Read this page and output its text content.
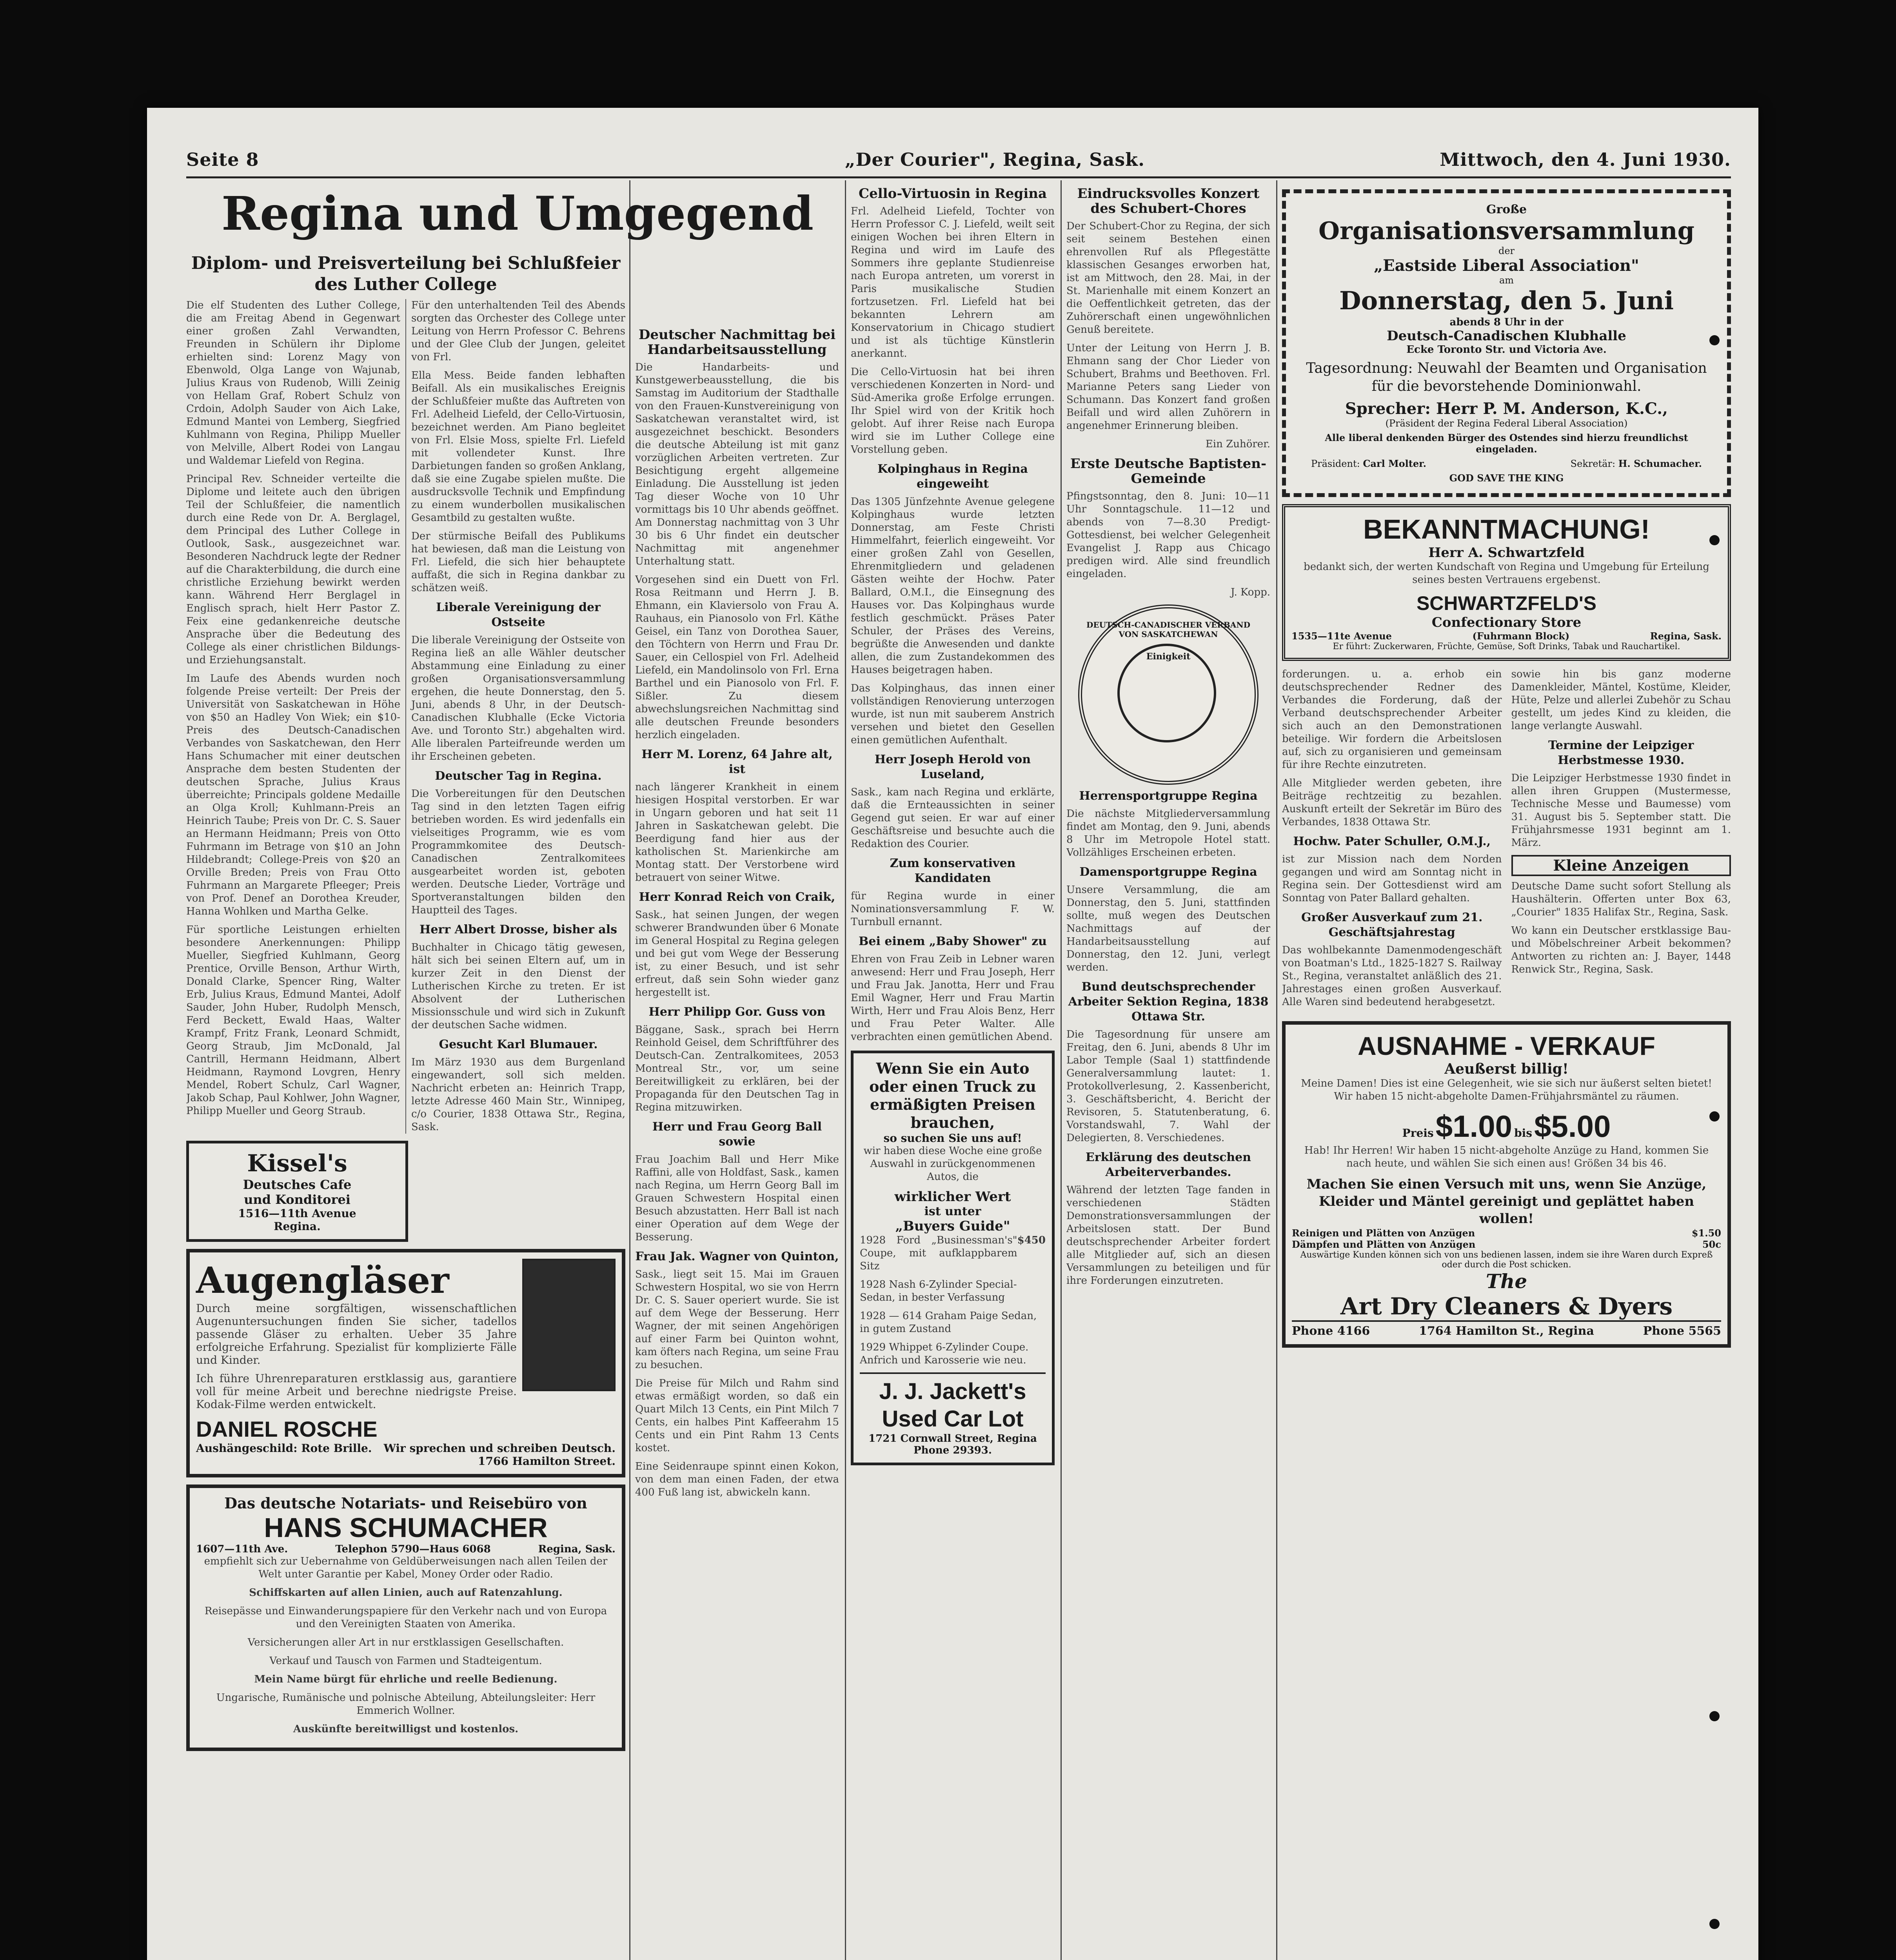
Seite 8	„Der Courier", Regina, Sask.	Mittwoch, den 4. Juni 1930.
Regina und Umgegend
Diplom- und Preisverteilung bei Schlußfeier des Luther College

Die elf Studenten des Luther College, die am Freitag Abend in Gegenwart einer großen Zahl Verwandten, Freunden in Schülern ihr Diplome erhielten sind: Lorenz Magy von Ebenwold, Olga Lange von Wajunab, Julius Kraus von Rudenob, Willi Zeinig von Hellam Graf, Robert Schulz von Crdoin, Adolph Sauder von Aich Lake, Edmund Mantei von Lemberg, Siegfried Kuhlmann von Regina, Philipp Mueller von Melville, Albert Rodei von Langau und Waldemar Liefeld von Regina.

Principal Rev. Schneider verteilte die Diplome und leitete auch den übrigen Teil der Schlußfeier, die namentlich durch eine Rede von Dr. A. Berglagel, dem Principal des Luther College in Outlook, Sask., ausgezeichnet war. Besonderen Nachdruck legte der Redner auf die Charakterbildung, die durch eine christliche Erziehung bewirkt werden kann. Während Herr Berglagel in Englisch sprach, hielt Herr Pastor Z. Feix eine gedankenreiche deutsche Ansprache über die Bedeutung des College als einer christlichen Bildungs- und Erziehungsanstalt.

Im Laufe des Abends wurden noch folgende Preise verteilt: Der Preis der Universität von Saskatchewan in Höhe von $50 an Hadley Von Wiek; ein $10-Preis des Deutsch-Canadischen Verbandes von Saskatchewan, den Herr Hans Schumacher mit einer deutschen Ansprache dem besten Studenten der deutschen Sprache, Julius Kraus überreichte; Principals goldene Medaille an Olga Kroll; Kuhlmann-Preis an Heinrich Taube; Preis von Dr. C. S. Sauer an Hermann Heidmann; Preis von Otto Fuhrmann im Betrage von $10 an John Hildebrandt; College-Preis von $20 an Orville Breden; Preis von Frau Otto Fuhrmann an Margarete Pfleeger; Preis von Prof. Denef an Dorothea Kreuder, Hanna Wohlken und Martha Gelke.

Für sportliche Leistungen erhielten besondere Anerkennungen: Philipp Mueller, Siegfried Kuhlmann, Georg Prentice, Orville Benson, Arthur Wirth, Donald Clarke, Spencer Ring, Walter Erb, Julius Kraus, Edmund Mantei, Adolf Sauder, John Huber, Rudolph Mensch, Ferd Beckett, Ewald Haas, Walter Krampf, Fritz Frank, Leonard Schmidt, Georg Straub, Jim McDonald, Jal Cantrill, Hermann Heidmann, Albert Heidmann, Raymond Lovgren, Henry Mendel, Robert Schulz, Carl Wagner, Jakob Schap, Paul Kohlwer, John Wagner, Philipp Mueller und Georg Straub.

Für den unterhaltenden Teil des Abends sorgten das Orchester des College unter Leitung von Herrn Professor C. Behrens und der Glee Club der Jungen, geleitet von Frl.

Ella Mess. Beide fanden lebhaften Beifall. Als ein musikalisches Ereignis der Schlußfeier mußte das Auftreten von Frl. Adelheid Liefeld, der Cello-Virtuosin, bezeichnet werden. Am Piano begleitet von Frl. Elsie Moss, spielte Frl. Liefeld mit vollendeter Kunst. Ihre Darbietungen fanden so großen Anklang, daß sie eine Zugabe spielen mußte. Die ausdrucksvolle Technik und Empfindung zu einem wunderbollen musikalischen Gesamtbild zu gestalten wußte.

Der stürmische Beifall des Publikums hat bewiesen, daß man die Leistung von Frl. Liefeld, die sich hier behauptete auffaßt, die sich in Regina dankbar zu schätzen weiß.

Liberale Vereinigung der Ostseite

Die liberale Vereinigung der Ostseite von Regina ließ an alle Wähler deutscher Abstammung eine Einladung zu einer großen Organisationsversammlung ergehen, die heute Donnerstag, den 5. Juni, abends 8 Uhr, in der Deutsch-Canadischen Klubhalle (Ecke Victoria Ave. und Toronto Str.) abgehalten wird. Alle liberalen Parteifreunde werden um ihr Erscheinen gebeten.

Deutscher Tag in Regina.

Die Vorbereitungen für den Deutschen Tag sind in den letzten Tagen eifrig betrieben worden. Es wird jedenfalls ein vielseitiges Programm, wie es vom Programmkomitee des Deutsch-Canadischen Zentralkomitees ausgearbeitet worden ist, geboten werden. Deutsche Lieder, Vorträge und Sportveranstaltungen bilden den Hauptteil des Tages.

Herr Albert Drosse, bisher als

Buchhalter in Chicago tätig gewesen, hält sich bei seinen Eltern auf, um in kurzer Zeit in den Dienst der Lutherischen Kirche zu treten. Er ist Absolvent der Lutherischen Missionsschule und wird sich in Zukunft der deutschen Sache widmen.

Gesucht Karl Blumauer.

Im März 1930 aus dem Burgenland eingewandert, soll sich melden. Nachricht erbeten an: Heinrich Trapp, letzte Adresse 460 Main Str., Winnipeg, c/o Courier, 1838 Ottawa Str., Regina, Sask.

Kissel's
Deutsches Cafe
und Konditorei
1516—11th Avenue
Regina.
Augengläser

Durch meine sorgfältigen, wissenschaftlichen Augenuntersuchungen finden Sie sicher, tadellos passende Gläser zu erhalten. Ueber 35 Jahre erfolgreiche Erfahrung. Spezialist für komplizierte Fälle und Kinder.

Ich führe Uhrenreparaturen erstklassig aus, garantiere voll für meine Arbeit und berechne niedrigste Preise. Kodak-Filme werden entwickelt.

DANIEL ROSCHE
Aushängeschild: Rote Brille. Wir sprechen und schreiben Deutsch.
1766 Hamilton Street.
Das deutsche Notariats- und Reisebüro von
HANS SCHUMACHER
1607—11th Ave.	Telephon 5790—Haus 6068	Regina, Sask.

empfiehlt sich zur Uebernahme von Geldüberweisungen nach allen Teilen der Welt unter Garantie per Kabel, Money Order oder Radio.

Schiffskarten auf allen Linien, auch auf Ratenzahlung.

Reisepässe und Einwanderungspapiere für den Verkehr nach und von Europa und den Vereinigten Staaten von Amerika.

Versicherungen aller Art in nur erstklassigen Gesellschaften.

Verkauf und Tausch von Farmen und Stadteigentum.

Mein Name bürgt für ehrliche und reelle Bedienung.

Ungarische, Rumänische und polnische Abteilung, Abteilungsleiter: Herr Emmerich Wollner.

Auskünfte bereitwilligst und kostenlos.

Deutscher Nachmittag bei Handarbeitsausstellung

Die Handarbeits- und Kunstgewerbeausstellung, die bis Samstag im Auditorium der Stadthalle von den Frauen-Kunstvereinigung von Saskatchewan veranstaltet wird, ist ausgezeichnet beschickt. Besonders die deutsche Abteilung ist mit ganz vorzüglichen Arbeiten vertreten. Zur Besichtigung ergeht allgemeine Einladung. Die Ausstellung ist jeden Tag dieser Woche von 10 Uhr vormittags bis 10 Uhr abends geöffnet. Am Donnerstag nachmittag von 3 Uhr 30 bis 6 Uhr findet ein deutscher Nachmittag mit angenehmer Unterhaltung statt.

Vorgesehen sind ein Duett von Frl. Rosa Reitmann und Herrn J. B. Ehmann, ein Klaviersolo von Frau A. Rauhaus, ein Pianosolo von Frl. Käthe Geisel, ein Tanz von Dorothea Sauer, den Töchtern von Herrn und Frau Dr. Sauer, ein Cellospiel von Frl. Adelheid Liefeld, ein Mandolinsolo von Frl. Erna Barthel und ein Pianosolo von Frl. F. Sißler. Zu diesem abwechslungsreichen Nachmittag sind alle deutschen Freunde besonders herzlich eingeladen.

Herr M. Lorenz, 64 Jahre alt, ist

nach längerer Krankheit in einem hiesigen Hospital verstorben. Er war in Ungarn geboren und hat seit 11 Jahren in Saskatchewan gelebt. Die Beerdigung fand hier aus der katholischen St. Marienkirche am Montag statt. Der Verstorbene wird betrauert von seiner Witwe.

Herr Konrad Reich von Craik,

Sask., hat seinen Jungen, der wegen schwerer Brandwunden über 6 Monate im General Hospital zu Regina gelegen und bei gut vom Wege der Besserung ist, zu einer Besuch, und ist sehr erfreut, daß sein Sohn wieder ganz hergestellt ist.

Herr Philipp Gor. Guss von

Bäggane, Sask., sprach bei Herrn Reinhold Geisel, dem Schriftführer des Deutsch-Can. Zentralkomitees, 2053 Montreal Str., vor, um seine Bereitwilligkeit zu erklären, bei der Propaganda für den Deutschen Tag in Regina mitzuwirken.

Herr und Frau Georg Ball sowie

Frau Joachim Ball und Herr Mike Raffini, alle von Holdfast, Sask., kamen nach Regina, um Herrn Georg Ball im Grauen Schwestern Hospital einen Besuch abzustatten. Herr Ball ist nach einer Operation auf dem Wege der Besserung.

Frau Jak. Wagner von Quinton,

Sask., liegt seit 15. Mai im Grauen Schwestern Hospital, wo sie von Herrn Dr. C. S. Sauer operiert wurde. Sie ist auf dem Wege der Besserung. Herr Wagner, der mit seinen Angehörigen auf einer Farm bei Quinton wohnt, kam öfters nach Regina, um seine Frau zu besuchen.

Die Preise für Milch und Rahm sind etwas ermäßigt worden, so daß ein Quart Milch 13 Cents, ein Pint Milch 7 Cents, ein halbes Pint Kaffeerahm 15 Cents und ein Pint Rahm 13 Cents kostet.

Eine Seidenraupe spinnt einen Kokon, von dem man einen Faden, der etwa 400 Fuß lang ist, abwickeln kann.

Cello-Virtuosin in Regina

Frl. Adelheid Liefeld, Tochter von Herrn Professor C. J. Liefeld, weilt seit einigen Wochen bei ihren Eltern in Regina und wird im Laufe des Sommers ihre geplante Studienreise nach Europa antreten, um vorerst in Paris musikalische Studien fortzusetzen. Frl. Liefeld hat bei bekannten Lehrern am Konservatorium in Chicago studiert und ist als tüchtige Künstlerin anerkannt.

Die Cello-Virtuosin hat bei ihren verschiedenen Konzerten in Nord- und Süd-Amerika große Erfolge errungen. Ihr Spiel wird von der Kritik hoch gelobt. Auf ihrer Reise nach Europa wird sie im Luther College eine Vorstellung geben.

Kolpinghaus in Regina eingeweiht

Das 1305 Jünfzehnte Avenue gelegene Kolpinghaus wurde letzten Donnerstag, am Feste Christi Himmelfahrt, feierlich eingeweiht. Vor einer großen Zahl von Gesellen, Ehrenmitgliedern und geladenen Gästen weihte der Hochw. Pater Ballard, O.M.I., die Einsegnung des Hauses vor. Das Kolpinghaus wurde festlich geschmückt. Präses Pater Schuler, der Präses des Vereins, begrüßte die Anwesenden und dankte allen, die zum Zustandekommen des Hauses beigetragen haben.

Das Kolpinghaus, das innen einer vollständigen Renovierung unterzogen wurde, ist nun mit sauberem Anstrich versehen und bietet den Gesellen einen gemütlichen Aufenthalt.

Herr Joseph Herold von Luseland,

Sask., kam nach Regina und erklärte, daß die Ernteaussichten in seiner Gegend gut seien. Er war auf einer Geschäftsreise und besuchte auch die Redaktion des Courier.

Zum konservativen Kandidaten

für Regina wurde in einer Nominationsversammlung F. W. Turnbull ernannt.

Bei einem „Baby Shower" zu

Ehren von Frau Zeib in Lebner waren anwesend: Herr und Frau Joseph, Herr und Frau Jak. Janotta, Herr und Frau Emil Wagner, Herr und Frau Martin Wirth, Herr und Frau Alois Benz, Herr und Frau Peter Walter. Alle verbrachten einen gemütlichen Abend.

Wenn Sie ein Auto oder einen Truck zu ermäßigten Preisen brauchen,
so suchen Sie uns auf!

wir haben diese Woche eine große Auswahl in zurückgenommenen Autos, die

wirklicher Wert
ist unter
„Buyers Guide"
1928 Ford „Businessman's" Coupe, mit aufklappbarem Sitz
$450

1928 Nash 6-Zylinder Special-Sedan, in bester Verfassung

1928 — 614 Graham Paige Sedan, in gutem Zustand

1929 Whippet 6-Zylinder Coupe. Anfrich und Karosserie wie neu.

J. J. Jackett's Used Car Lot
1721 Cornwall Street, Regina
Phone 29393.
Eindrucksvolles Konzert des Schubert-Chores

Der Schubert-Chor zu Regina, der sich seit seinem Bestehen einen ehrenvollen Ruf als Pflegestätte klassischen Gesanges erworben hat, ist am Mittwoch, den 28. Mai, in der St. Marienhalle mit einem Konzert an die Oeffentlichkeit getreten, das der Zuhörerschaft einen ungewöhnlichen Genuß bereitete.

Unter der Leitung von Herrn J. B. Ehmann sang der Chor Lieder von Schubert, Brahms und Beethoven. Frl. Marianne Peters sang Lieder von Schumann. Das Konzert fand großen Beifall und wird allen Zuhörern in angenehmer Erinnerung bleiben.

Ein Zuhörer.

Erste Deutsche Baptisten-Gemeinde

Pfingstsonntag, den 8. Juni: 10—11 Uhr Sonntagschule. 11—12 und abends von 7—8.30 Predigt-Gottesdienst, bei welcher Gelegenheit Evangelist J. Rapp aus Chicago predigen wird. Alle sind freundlich eingeladen.

J. Kopp.

DEUTSCH-CANADISCHER VERBAND VON SASKATCHEWAN
Einigkeit
Herrensportgruppe Regina

Die nächste Mitgliederversammlung findet am Montag, den 9. Juni, abends 8 Uhr im Metropole Hotel statt. Vollzähliges Erscheinen erbeten.

Damensportgruppe Regina

Unsere Versammlung, die am Donnerstag, den 5. Juni, stattfinden sollte, muß wegen des Deutschen Nachmittags auf der Handarbeitsausstellung auf Donnerstag, den 12. Juni, verlegt werden.

Bund deutschsprechender Arbeiter Sektion Regina, 1838 Ottawa Str.

Die Tagesordnung für unsere am Freitag, den 6. Juni, abends 8 Uhr im Labor Temple (Saal 1) stattfindende Generalversammlung lautet: 1. Protokollverlesung, 2. Kassenbericht, 3. Geschäftsbericht, 4. Bericht der Revisoren, 5. Statutenberatung, 6. Vorstandswahl, 7. Wahl der Delegierten, 8. Verschiedenes.

Erklärung des deutschen Arbeiterverbandes.

Während der letzten Tage fanden in verschiedenen Städten Demonstrationsversammlungen der Arbeitslosen statt. Der Bund deutschsprechender Arbeiter fordert alle Mitglieder auf, sich an diesen Versammlungen zu beteiligen und für ihre Forderungen einzutreten.

Große
Organisationsversammlung
der
„Eastside Liberal Association"
am
Donnerstag, den 5. Juni
abends 8 Uhr in der
Deutsch-Canadischen Klubhalle
Ecke Toronto Str. und Victoria Ave.
Tagesordnung: Neuwahl der Beamten und Organisation für die bevorstehende Dominionwahl.
Sprecher: Herr P. M. Anderson, K.C.,
(Präsident der Regina Federal Liberal Association)
Alle liberal denkenden Bürger des Ostendes sind hierzu freundlichst eingeladen.
Präsident: Carl Molter.	Sekretär: H. Schumacher.
GOD SAVE THE KING
BEKANNTMACHUNG!
Herr A. Schwartzfeld

bedankt sich, der werten Kundschaft von Regina und Umgebung für Erteilung seines besten Vertrauens ergebenst.

SCHWARTZFELD'S
Confectionary Store
1535—11te Avenue	(Fuhrmann Block)	Regina, Sask.
Er führt: Zuckerwaren, Früchte, Gemüse, Soft Drinks, Tabak und Rauchartikel.

forderungen. u. a. erhob ein deutschsprechender Redner des Verbandes die Forderung, daß der Verband deutschsprechender Arbeiter sich auch an den Demonstrationen beteilige. Wir fordern die Arbeitslosen auf, sich zu organisieren und gemeinsam für ihre Rechte einzutreten.

Alle Mitglieder werden gebeten, ihre Beiträge rechtzeitig zu bezahlen. Auskunft erteilt der Sekretär im Büro des Verbandes, 1838 Ottawa Str.

Hochw. Pater Schuller, O.M.J.,

ist zur Mission nach dem Norden gegangen und wird am Sonntag nicht in Regina sein. Der Gottesdienst wird am Sonntag von Pater Ballard gehalten.

Großer Ausverkauf zum 21. Geschäftsjahrestag

Das wohlbekannte Damenmodengeschäft von Boatman's Ltd., 1825-1827 S. Railway St., Regina, veranstaltet anläßlich des 21. Jahrestages einen großen Ausverkauf. Alle Waren sind bedeutend herabgesetzt.

sowie hin bis ganz moderne Damenkleider, Mäntel, Kostüme, Kleider, Hüte, Pelze und allerlei Zubehör zu Schau gestellt, um jedes Kind zu kleiden, die lange verlangte Auswahl.

Termine der Leipziger Herbstmesse 1930.

Die Leipziger Herbstmesse 1930 findet in allen ihren Gruppen (Mustermesse, Technische Messe und Baumesse) vom 31. August bis 5. September statt. Die Frühjahrsmesse 1931 beginnt am 1. März.

Kleine Anzeigen

Deutsche Dame sucht sofort Stellung als Haushälterin. Offerten unter Box 63, „Courier" 1835 Halifax Str., Regina, Sask.

Wo kann ein Deutscher erstklassige Bau- und Möbelschreiner Arbeit bekommen? Antworten zu richten an: J. Bayer, 1448 Renwick Str., Regina, Sask.

AUSNAHME - VERKAUF
Aeußerst billig!

Meine Damen! Dies ist eine Gelegenheit, wie sie sich nur äußerst selten bietet! Wir haben 15 nicht-abgeholte Damen-Frühjahrsmäntel zu räumen.

Preis $1.00 bis $5.00

Hab! Ihr Herren! Wir haben 15 nicht-abgeholte Anzüge zu Hand, kommen Sie nach heute, und wählen Sie sich einen aus! Größen 34 bis 46.

Machen Sie einen Versuch mit uns, wenn Sie Anzüge, Kleider und Mäntel gereinigt und geplättet haben wollen!
Reinigen und Plätten von Anzügen	$1.50
Dämpfen und Plätten von Anzügen	50c
Auswärtige Kunden können sich von uns bedienen lassen, indem sie ihre Waren durch Expreß oder durch die Post schicken.
The
Art Dry Cleaners & Dyers
Phone 4166	1764 Hamilton St., Regina	Phone 5565
